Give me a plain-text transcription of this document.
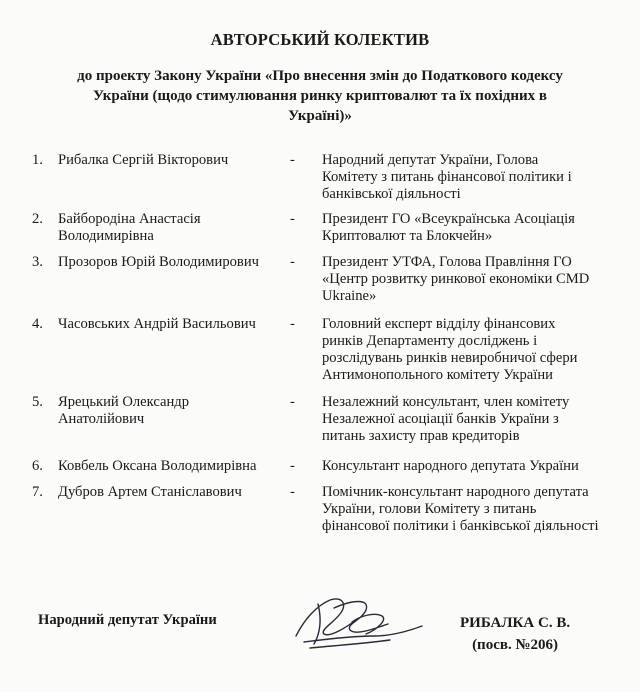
АВТОРСЬКИЙ КОЛЕКТИВ
до проекту Закону України «Про внесення змін до Податкового кодексу
України (щодо стимулювання ринку криптовалют та їх похідних в
Україні)»
1. Рибалка Сергій Вікторович	- Народний депутат України, Голова
Комітету з питань фінансової політики і
банківської діяльності
2. Байбородіна Анастасія
Володимирівна
- Президент ГО «Всеукраїнська Асоціація
Криптовалют та Блокчейн»
3. Прозоров Юрій Володимирович	- Президент УТФА, Голова Правління ГО
«Центр розвитку ринкової економіки CMD
Ukraine»
4. Часовських Андрій Васильович	- Головний експерт відділу фінансових
ринків Департаменту досліджень і
розслідувань ринків невиробничої сфери
Антимонопольного комітету України
5. Ярецький Олександр
Анатолійович
- Незалежний консультант, член комітету
Незалежної асоціації банків України з
питань захисту прав кредиторів
6. Ковбель Оксана Володимирівна	- Консультант народного депутата України
7. Дубров Артем Станіславович	- Помічник-консультант народного депутата
України, голови Комітету з питань
фінансової політики і банківської діяльності
Народний депутат України	РИБАЛКА С. В.
(посв. №206)
